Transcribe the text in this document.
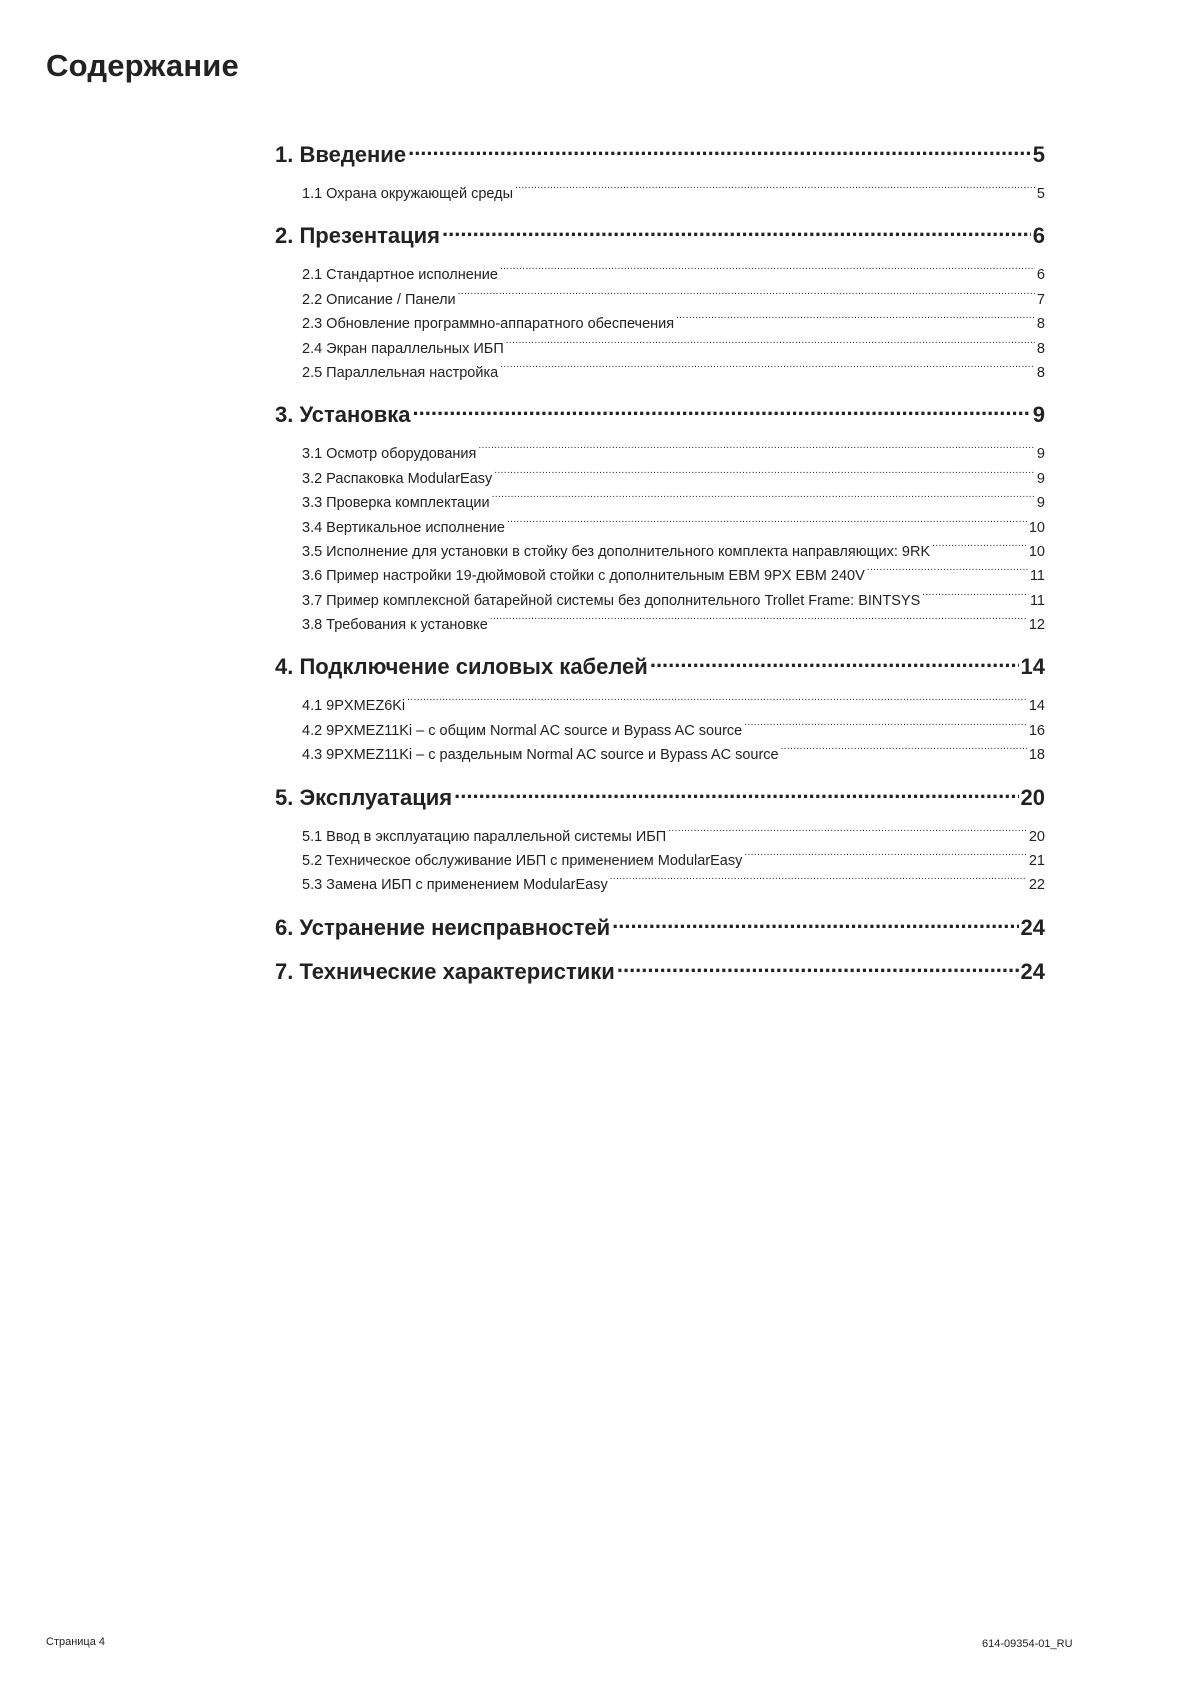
Содержание
1. Введение .....	5
1.1 Охрана окружающей среды .....	5
2. Презентация .....	6
2.1 Стандартное исполнение .....	6
2.2 Описание / Панели .....	7
2.3 Обновление программно-аппаратного обеспечения .....	8
2.4 Экран параллельных ИБП .....	8
2.5 Параллельная настройка .....	8
3. Установка .....	9
3.1 Осмотр оборудования .....	9
3.2 Распаковка ModularEasy .....	9
3.3 Проверка комплектации .....	9
3.4 Вертикальное исполнение .....	10
3.5 Исполнение для установки в стойку без дополнительного комплекта направляющих: 9RK .....	10
3.6 Пример настройки 19-дюймовой стойки с дополнительным EBM 9PX EBM 240V .....	11
3.7 Пример комплексной батарейной системы без дополнительного Trollet Frame: BINTSYS .....	11
3.8 Требования к установке .....	12
4. Подключение силовых кабелей .....	14
4.1 9PXMEZ6Ki .....	14
4.2 9PXMEZ11Ki – с общим Normal AC source и Bypass AC source .....	16
4.3 9PXMEZ11Ki – с раздельным Normal AC source и Bypass AC source .....	18
5. Эксплуатация .....	20
5.1 Ввод в эксплуатацию параллельной системы ИБП .....	20
5.2 Техническое обслуживание ИБП с применением ModularEasy .....	21
5.3 Замена ИБП с применением ModularEasy .....	22
6. Устранение неисправностей .....	24
7. Технические характеристики .....	24
Страница 4	614-09354-01_RU
